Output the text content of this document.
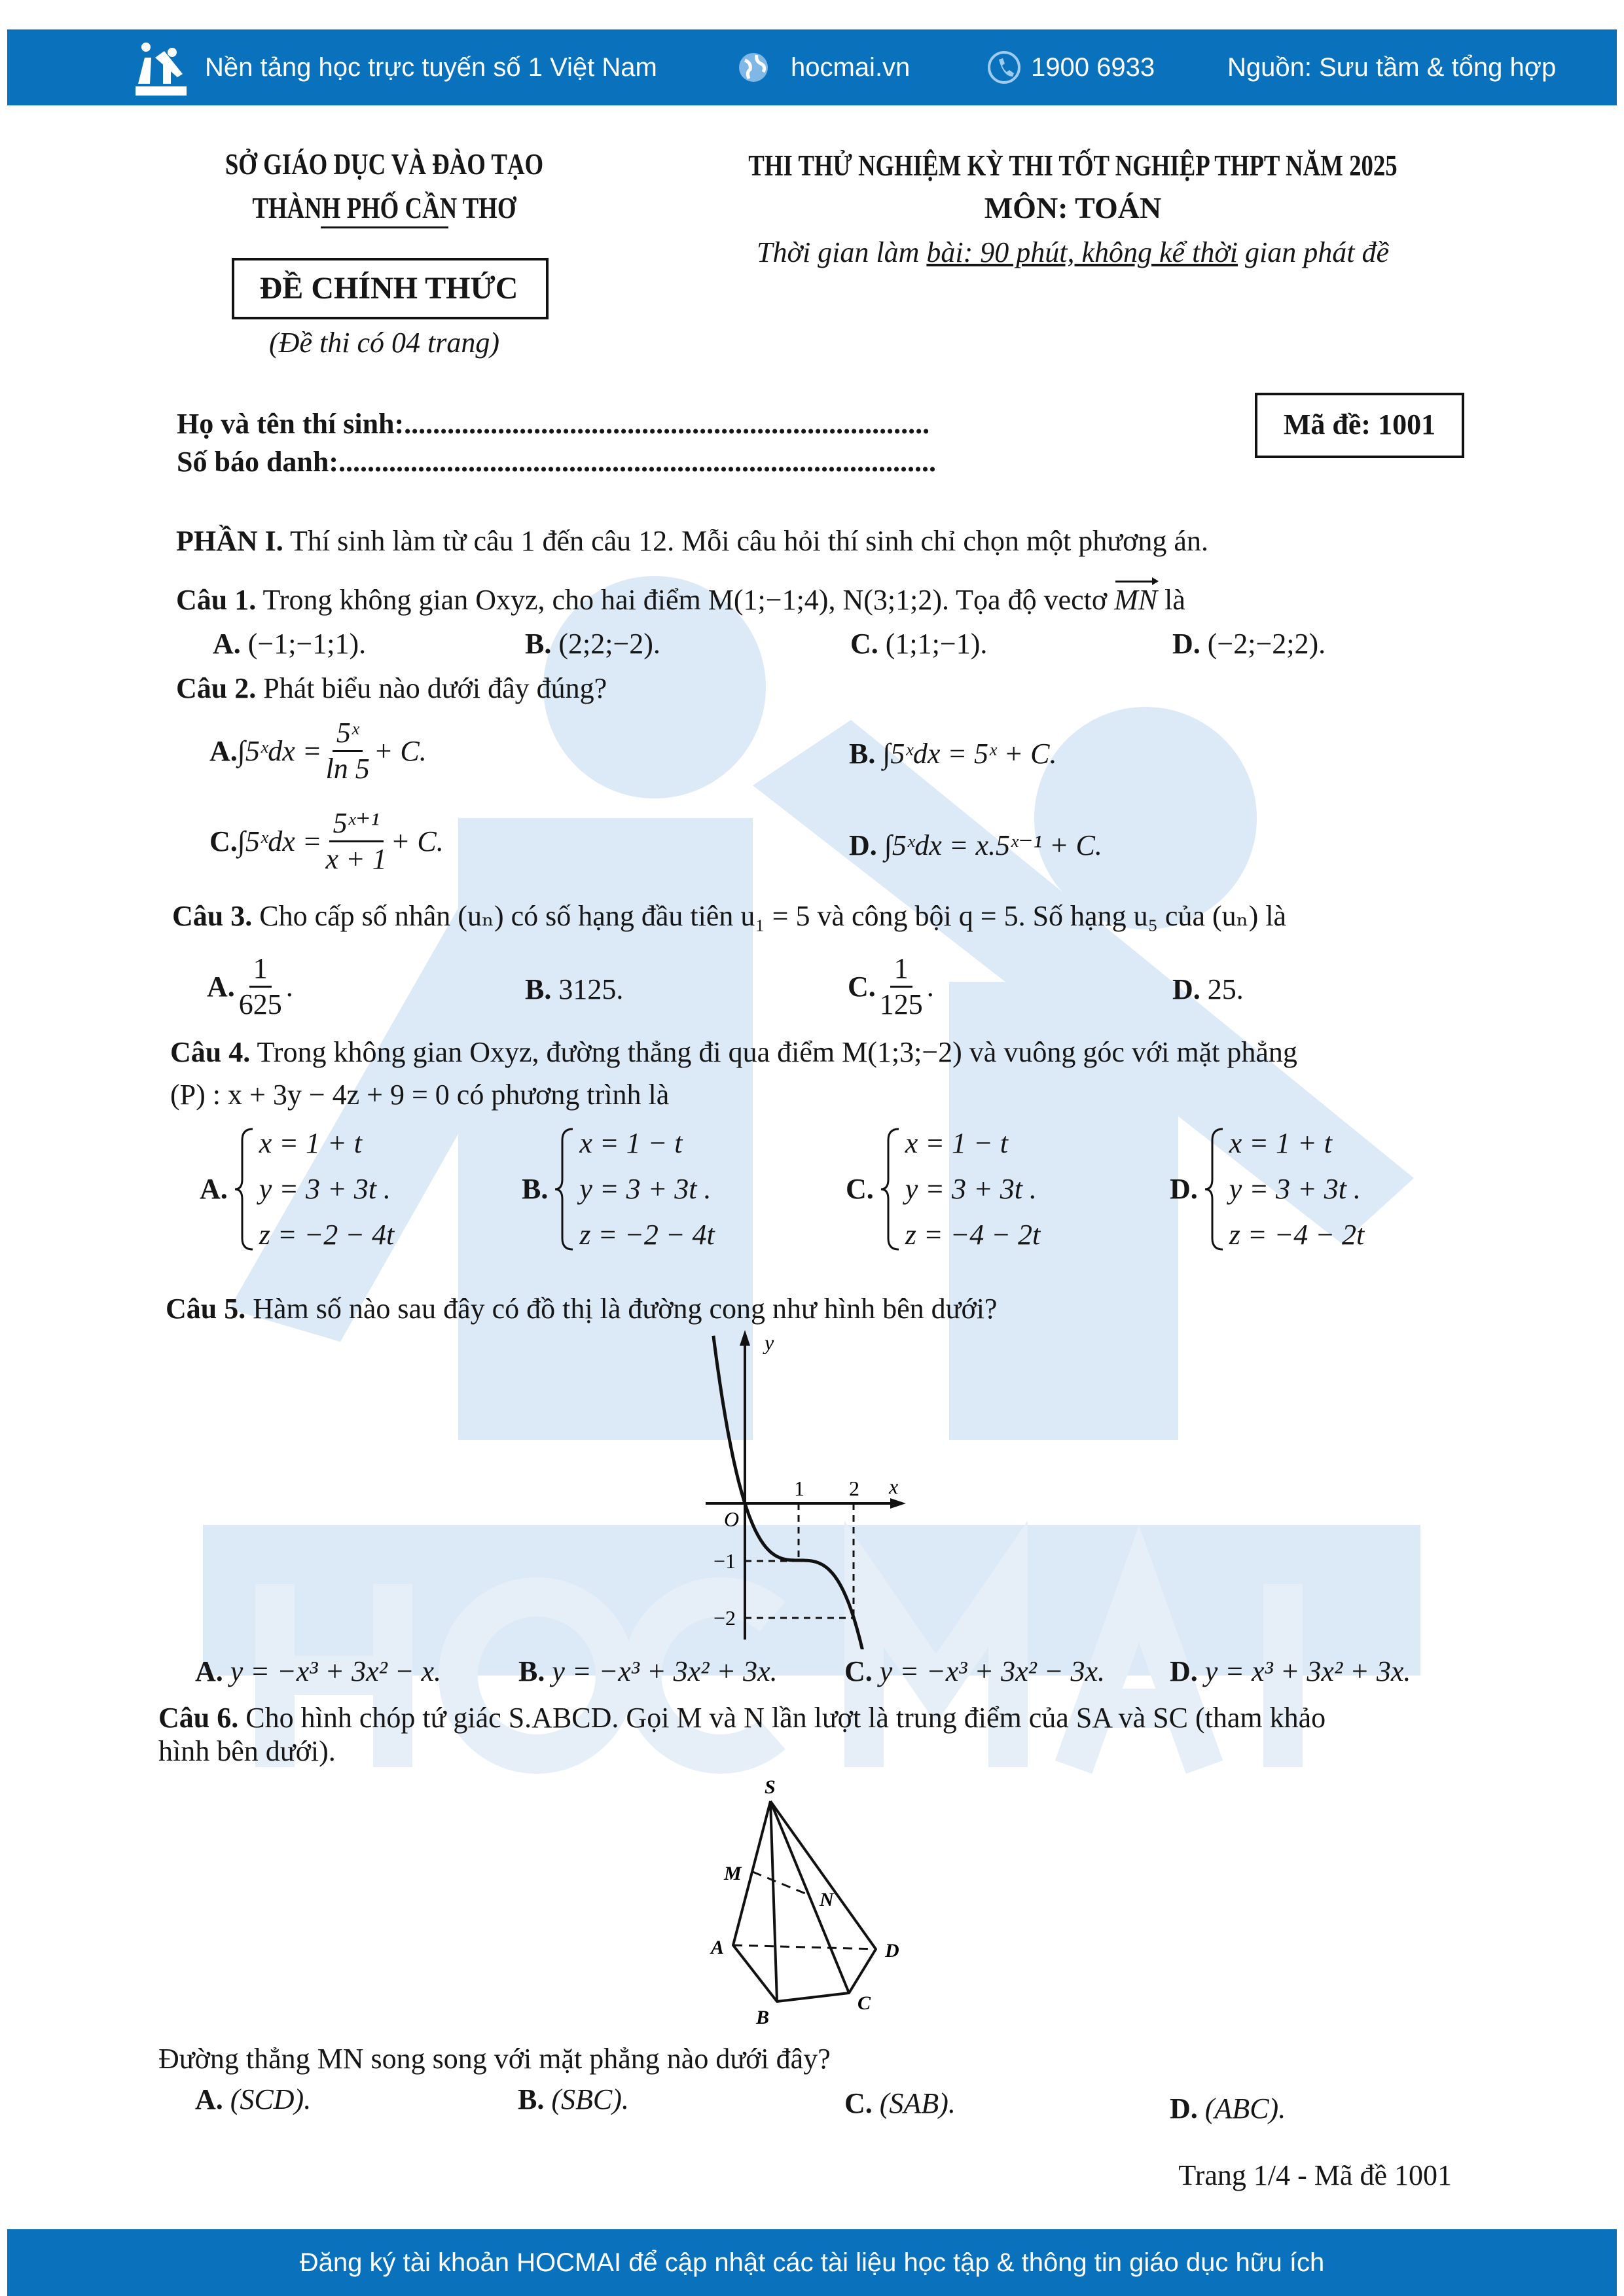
Nền tảng học trực tuyến số 1 Việt Nam	hocmai.vn	1900 6933	Nguồn: Sưu tầm & tổng hợp
SỞ GIÁO DỤC VÀ ĐÀO TẠO
THÀNH PHỐ CẦN THƠ
ĐỀ CHÍNH THỨC
(Đề thi có 04 trang)
THI THỬ NGHIỆM KỲ THI TỐT NGHIỆP THPT NĂM 2025
MÔN: TOÁN
Thời gian làm bài: 90 phút, không kể thời gian phát đề
Họ và tên thí sinh:.........................................................................
Số báo danh:...................................................................................
Mã đề: 1001
PHẦN I. Thí sinh làm từ câu 1 đến câu 12. Mỗi câu hỏi thí sinh chỉ chọn một phương án.
Câu 1. Trong không gian Oxyz, cho hai điểm M(1;−1;4), N(3;1;2). Tọa độ vectơ MN là
A. (−1;−1;1).	B. (2;2;−2).	C. (1;1;−1).	D. (−2;−2;2).
Câu 2. Phát biểu nào dưới đây đúng?
A. ∫5ˣdx = $\frac{\text{5ˣ}}{\ln 5} + C$.	B. ∫5ˣdx = 5ˣ + C.
C. ∫5ˣdx = $\frac{\text{5ˣ⁺¹}}{x + 1} + C$.	D. ∫5ˣdx = x.5ˣ⁻¹ + C.
Câu 3. Cho cấp số nhân (uₙ) có số hạng đầu tiên u₁ = 5 và công bội q = 5. Số hạng u₅ của (uₙ) là
A. $\frac{1}{625}$ .	B. 3125.	C. $\frac{1}{125}$ .	D. 25.
Câu 4. Trong không gian Oxyz, đường thẳng đi qua điểm M(1;3;−2) và vuông góc với mặt phẳng
(P) : x + 3y − 4z + 9 = 0 có phương trình là
A.
x = 1 + t
y = 3 + 3t .
z = −2 − 4t
B.
x = 1 − t
y = 3 + 3t .
z = −2 − 4t
C.
x = 1 − t
y = 3 + 3t .
z = −4 − 2t
D.
x = 1 + t
y = 3 + 3t .
z = −4 − 2t
Câu 5. Hàm số nào sau đây có đồ thị là đường cong như hình bên dưới?
y
x
O
1 2
−1
−2
A. y = −x³ + 3x² − x.	B. y = −x³ + 3x² + 3x. C. y = −x³ + 3x² − 3x. D. y = x³ + 3x² + 3x.
Câu 6. Cho hình chóp tứ giác S.ABCD. Gọi M và N lần lượt là trung điểm của SA và SC (tham khảo
hình bên dưới).
S
M
N
A	D
C
B
Đường thẳng MN song song với mặt phẳng nào dưới đây?
A. (SCD).	B. (SBC).	C. (SAB).	D. (ABC).
Trang 1/4 - Mã đề 1001
Đăng ký tài khoản HOCMAI để cập nhật các tài liệu học tập & thông tin giáo dục hữu ích
